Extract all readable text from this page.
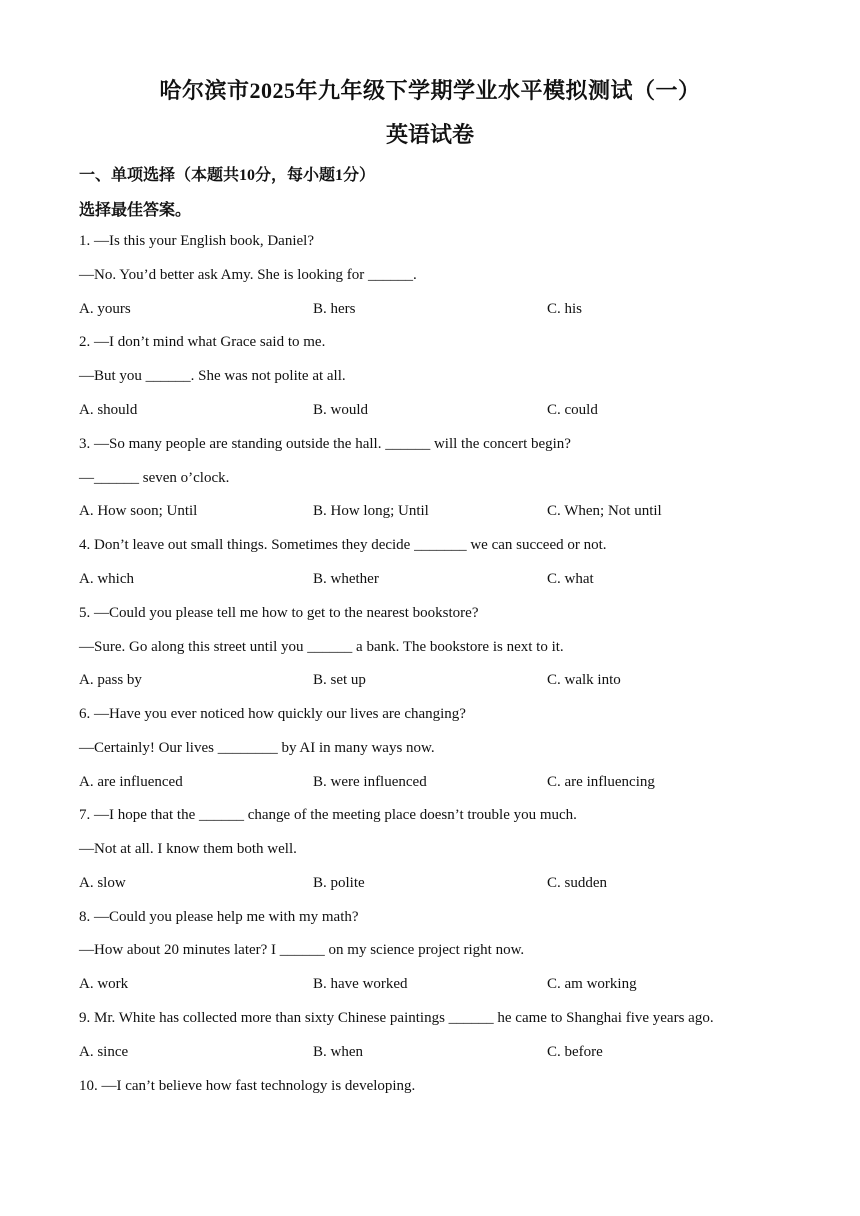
哈尔滨市2025年九年级下学期学业水平模拟测试（一）
英语试卷
一、单项选择（本题共10分，每小题1分）
选择最佳答案。
1. —Is this your English book, Daniel?
—No. You’d better ask Amy. She is looking for ______.
A. yours	B. hers	C. his
2. —I don’t mind what Grace said to me.
—But you ______. She was not polite at all.
A. should	B. would	C. could
3. —So many people are standing outside the hall. ______ will the concert begin?
—______ seven o’clock.
A. How soon; Until	B. How long; Until	C. When; Not until
4. Don’t leave out small things. Sometimes they decide _______ we can succeed or not.
A. which	B. whether	C. what
5. —Could you please tell me how to get to the nearest bookstore?
—Sure. Go along this street until you ______ a bank. The bookstore is next to it.
A. pass by	B. set up	C. walk into
6. —Have you ever noticed how quickly our lives are changing?
—Certainly! Our lives ________ by AI in many ways now.
A. are influenced	B. were influenced	C. are influencing
7. —I hope that the ______ change of the meeting place doesn’t trouble you much.
—Not at all. I know them both well.
A. slow	B. polite	C. sudden
8. —Could you please help me with my math?
—How about 20 minutes later? I ______ on my science project right now.
A. work	B. have worked	C. am working
9. Mr. White has collected more than sixty Chinese paintings ______ he came to Shanghai five years ago.
A. since	B. when	C. before
10. —I can’t believe how fast technology is developing.
